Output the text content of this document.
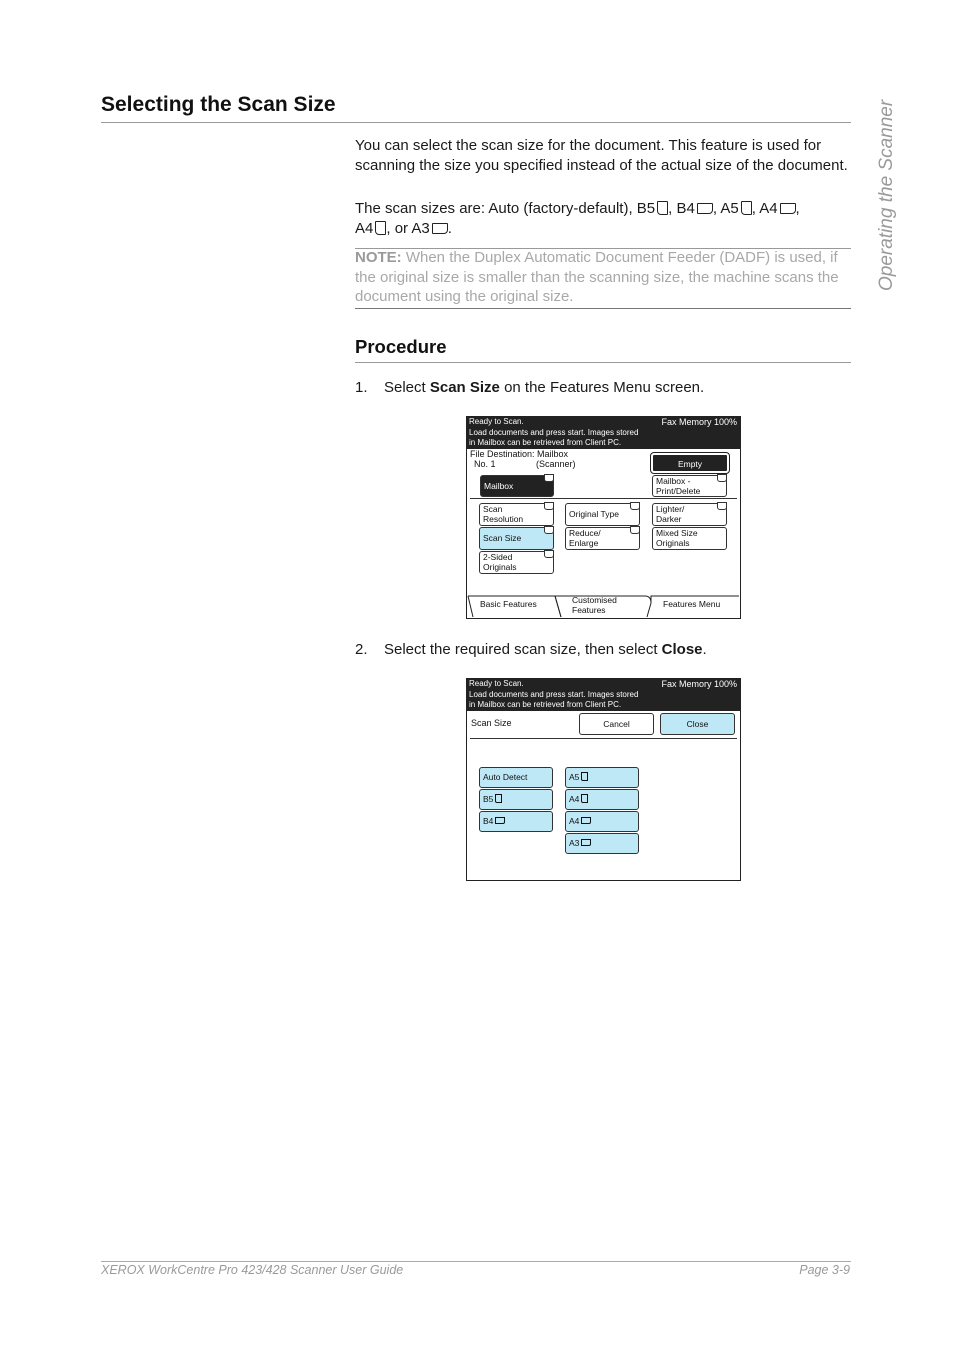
Selecting the Scan Size	Operating the Scanner
You can select the scan size for the document. This feature is used for scanning the size you specified instead of the actual size of the document.
The scan sizes are: Auto (factory-default), B5 , B4 , A5 , A4 ,
A4 , or A3 .
NOTE: When the Duplex Automatic Document Feeder (DADF) is used, if the original size is smaller than the scanning size, the machine scans the document using the original size.
Procedure
1. Select Scan Size on the Features Menu screen.
Ready to Scan.
Load documents and press start. Images stored
in Mailbox can be retrieved from Client PC.
Fax Memory 100%
File Destination: Mailbox
No. 1	(Scanner)	Empty
Mailbox	Mailbox -
Print/Delete
Scan
Resolution	Original Type	Lighter/
Darker
Scan Size	Reduce/
Enlarge
Mixed Size
Originals
2-Sided
Originals
Basic Features	Customised
Features
Features Menu
2. Select the required scan size, then select Close.
Ready to Scan.
Load documents and press start. Images stored
in Mailbox can be retrieved from Client PC.
Fax Memory 100%
Scan Size	Cancel	Close
Auto Detect
B5
B4
A5
A4
A4
A3
XEROX WorkCentre Pro 423/428 Scanner User Guide	Page 3-9
